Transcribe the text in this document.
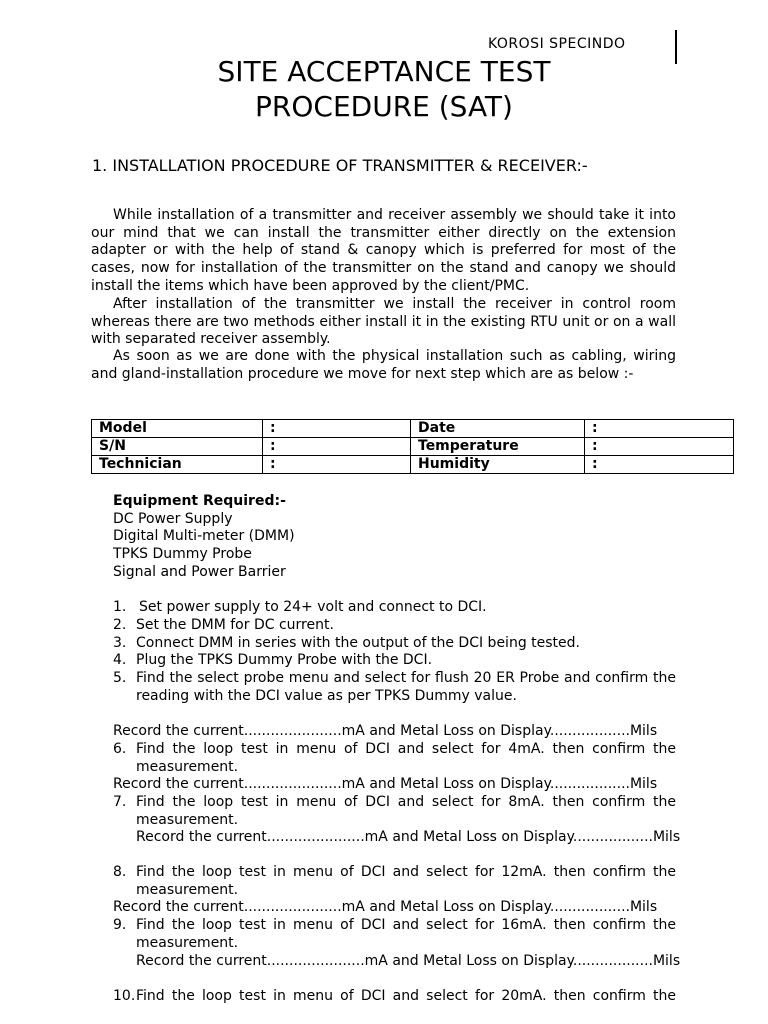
KOROSI SPECINDO
SITE ACCEPTANCE TEST
PROCEDURE (SAT)
1. INSTALLATION PROCEDURE OF TRANSMITTER & RECEIVER:-

While installation of a transmitter and receiver assembly we should take it into our mind that we can install the transmitter either directly on the extension adapter or with the help of stand & canopy which is preferred for most of the cases, now for installation of the transmitter on the stand and canopy we should install the items which have been approved by the client/PMC.

After installation of the transmitter we install the receiver in control room whereas there are two methods either install it in the existing RTU unit or on a wall with separated receiver assembly.

As soon as we are done with the physical installation such as cabling, wiring and gland-installation procedure we move for next step which are as below :-

Model	:	Date	:
S/N	:	Temperature	:
Technician	:	Humidity	:
Equipment Required:-
DC Power Supply
Digital Multi-meter (DMM)
TPKS Dummy Probe
Signal and Power Barrier
1. Set power supply to 24+ volt and connect to DCI.
2. Set the DMM for DC current.
3. Connect DMM in series with the output of the DCI being tested.
4. Plug the TPKS Dummy Probe with the DCI.
5. Find the select probe menu and select for flush 20 ER Probe and confirm the reading with the DCI value as per TPKS Dummy value.
Record the current......................mA and Metal Loss on Display..................Mils
6. Find the loop test in menu of DCI and select for 4mA. then confirm the measurement.
Record the current......................mA and Metal Loss on Display..................Mils
7. Find the loop test in menu of DCI and select for 8mA. then confirm the measurement.
Record the current......................mA and Metal Loss on Display..................Mils
8. Find the loop test in menu of DCI and select for 12mA. then confirm the measurement.
Record the current......................mA and Metal Loss on Display..................Mils
9. Find the loop test in menu of DCI and select for 16mA. then confirm the measurement.
Record the current......................mA and Metal Loss on Display..................Mils
10. Find the loop test in menu of DCI and select for 20mA. then confirm the
